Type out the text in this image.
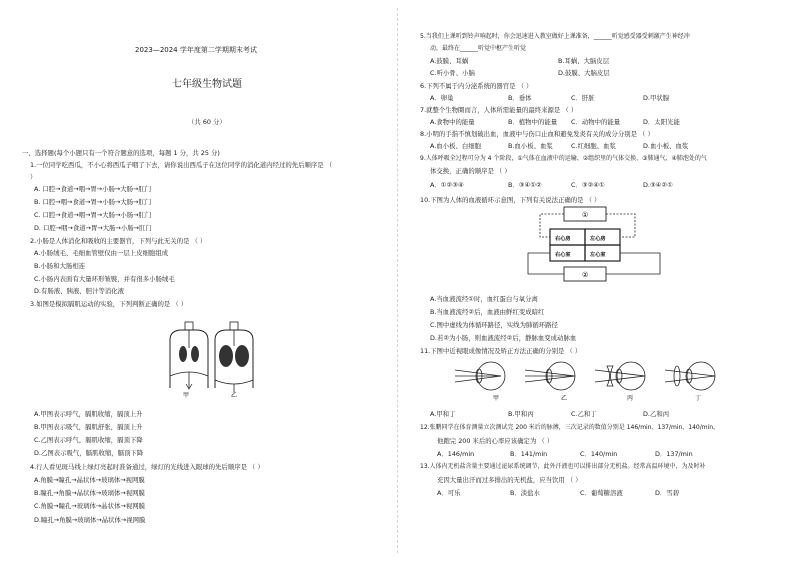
2023—2024 学年度第二学期期末考试
七年级生物试题
（共 60 分）
一、选择题(每个小题只有一个符合题意的选项，每题 1 分，共 25 分)
1.一位同学吃西瓜，不小心将西瓜子咽了下去，请你说出西瓜子在这位同学的消化道内经过的先后顺序是 （
）
A. 口腔→食道→咽→胃→小肠→大肠→肛门
B. 口腔→咽→食道→胃→小肠→大肠→肛门
C. 口腔→食道→咽→胃→大肠→小肠→肛门
D. 口腔→咽→食道→胃→大肠→小肠→肛门
2.小肠是人体消化和吸收的主要器官，下列与此无关的是 （ ）
A.小肠绒毛、毛细血管壁仅由一层上皮细胞组成
B.小肠和大肠相连
C.小肠内表面有大量环形皱襞，并有很多小肠绒毛
D.有肠液、胰液、胆汁等消化液
3.如图是模拟膈肌运动的实验，下列判断正确的是 （ ）
甲	乙
A.甲图表示呼气，膈肌收缩，膈顶上升
B.甲图表示吸气，膈肌舒张，膈顶上升
C.乙图表示呼气，膈肌收缩，膈顶下降
D.乙图表示吸气，膈肌收缩，膈顶下降
4.行人看见斑马线上绿灯亮起时准备通过，绿灯的光线进入眼球的先后顺序是 （ ）
A.角膜→瞳孔→晶状体→玻璃体→视网膜
B.瞳孔→角膜→晶状体→玻璃体→视网膜
C.角膜→瞳孔→玻璃体→晶状体→视网膜
D.瞳孔→角膜→玻璃体→晶状体→视网膜
5.当我们上课听到铃声响起时，你会迅速进入教室做好上课准备，______听觉感受器受刺激产生神经冲
动，最终在______听觉中枢产生听觉
A.鼓膜、耳蜗	B.耳蜗、大脑皮层
C.听小骨、小脑	D.鼓膜、大脑皮层
6.下列不属于内分泌系统的器官是 （ ）
A．卵巢	B．垂体	C．肝脏	D.甲状腺
7.就整个生物圈而言，人体所需能量的最终来源是 （ ）
A.食物中的能量	B．植物中的能量 C．动物中的能量	D．太阳光能
8.小明的手指不慎划破出血，血液中与伤口止血和避免发炎有关的成分分别是 （ ）
A.血小板、白细胞	B.血小板、血浆	C.红细胞、血浆	D.血小板、血浆
9.人体呼吸全过程可分为 4 个阶段，①气体在血液中的运输、②组织里的气体交换、③肺通气、④肺泡处的气
体交换，正确的顺序是 （ ）
A．①②③④	B．③④①②	C．③②④①	D.③④②①
10.下图为人体的血液循环示意图，下列有关说法正确的是 （ ）
①
②
右心房	左心房
右心室	左心室
A.当血液流经①时，血红蛋白与氧分离
B.当血液流经②后，血液由鲜红变成暗红
C.图中虚线为体循环路径，实线为肺循环路径
D.若②为小肠，则血液流经②后，静脉血变成动脉血
11.下图中近视眼成像情况及矫正方法正确的分别是 （ ）
甲	乙	丙	丁
A.甲和丁	B.甲和丙	C.乙和丁	D.乙和丙
12.张鹏同学在体育测量立次测试完 200 米后的脉搏，三次记录的数值分别是 146/min、137/min、140/min，
他跑完 200 米后的心率应该确定为 （ ）
A．146/min	B．141/min	C．140/min	D．137/min
13.人体内无机盐含量主要通过泌尿系统调节，此外汗液也可以排出部分无机盐。经常高温环境中，为及时补
充因大量出汗而过多排出的无机盐，应当饮用 （ ）
A．可乐	B．淡盐水	C．葡萄糖溶液	D．雪碧
